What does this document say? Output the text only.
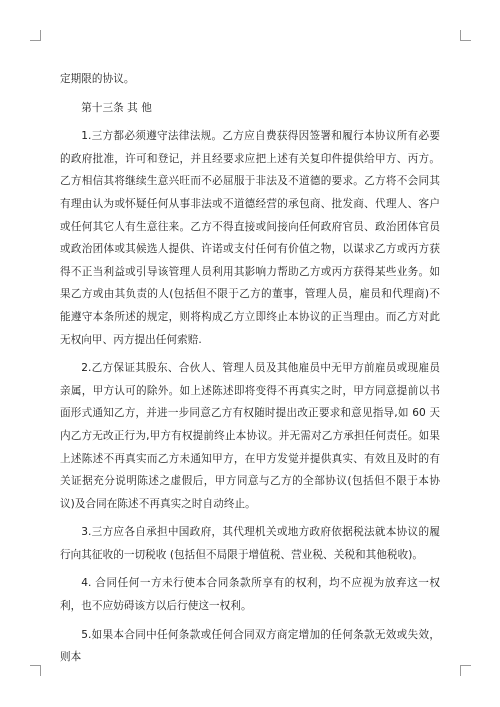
定期限的协议。

第十三条 其 他

1.三方都必须遵守法律法规。乙方应自费获得因签署和履行本协议所有必要的政府批准，许可和登记，并且经要求应把上述有关复印件提供给甲方、丙方。乙方相信其将继续生意兴旺而不必屈服于非法及不道德的要求。乙方将不会同其有理由认为或怀疑任何从事非法或不道德经营的承包商、批发商、代理人、客户或任何其它人有生意往来。乙方不得直接或间接向任何政府官员、政治团体官员或政治团体或其候选人提供、许诺或支付任何有价值之物，以谋求乙方或丙方获得不正当利益或引导该管理人员利用其影响力帮助乙方或丙方获得某些业务。如果乙方或由其负责的人(包括但不限于乙方的董事，管理人员，雇员和代理商)不能遵守本条所述的规定，则将构成乙方立即终止本协议的正当理由。而乙方对此无权向甲、丙方提出任何索赔.

2.乙方保证其股东、合伙人、管理人员及其他雇员中无甲方前雇员或现雇员亲属，甲方认可的除外。如上述陈述即将变得不再真实之时，甲方同意提前以书面形式通知乙方，并进一步同意乙方有权随时提出改正要求和意见指导,如 60 天内乙方无改正行为,甲方有权提前终止本协议。并无需对乙方承担任何责任。如果上述陈述不再真实而乙方未通知甲方，在甲方发觉并提供真实、有效且及时的有关证据充分说明陈述之虚假后，甲方同意与乙方的全部协议(包括但不限于本协议)及合同在陈述不再真实之时自动终止。

3.三方应各自承担中国政府，其代理机关或地方政府依据税法就本协议的履行向其征收的一切税收 (包括但不局限于增值税、营业税、关税和其他税收)。

4. 合同任何一方未行使本合同条款所享有的权利，均不应视为放弃这一权利，也不应妨碍该方以后行使这一权利。

5.如果本合同中任何条款或任何合同双方商定增加的任何条款无效或失效，则本
